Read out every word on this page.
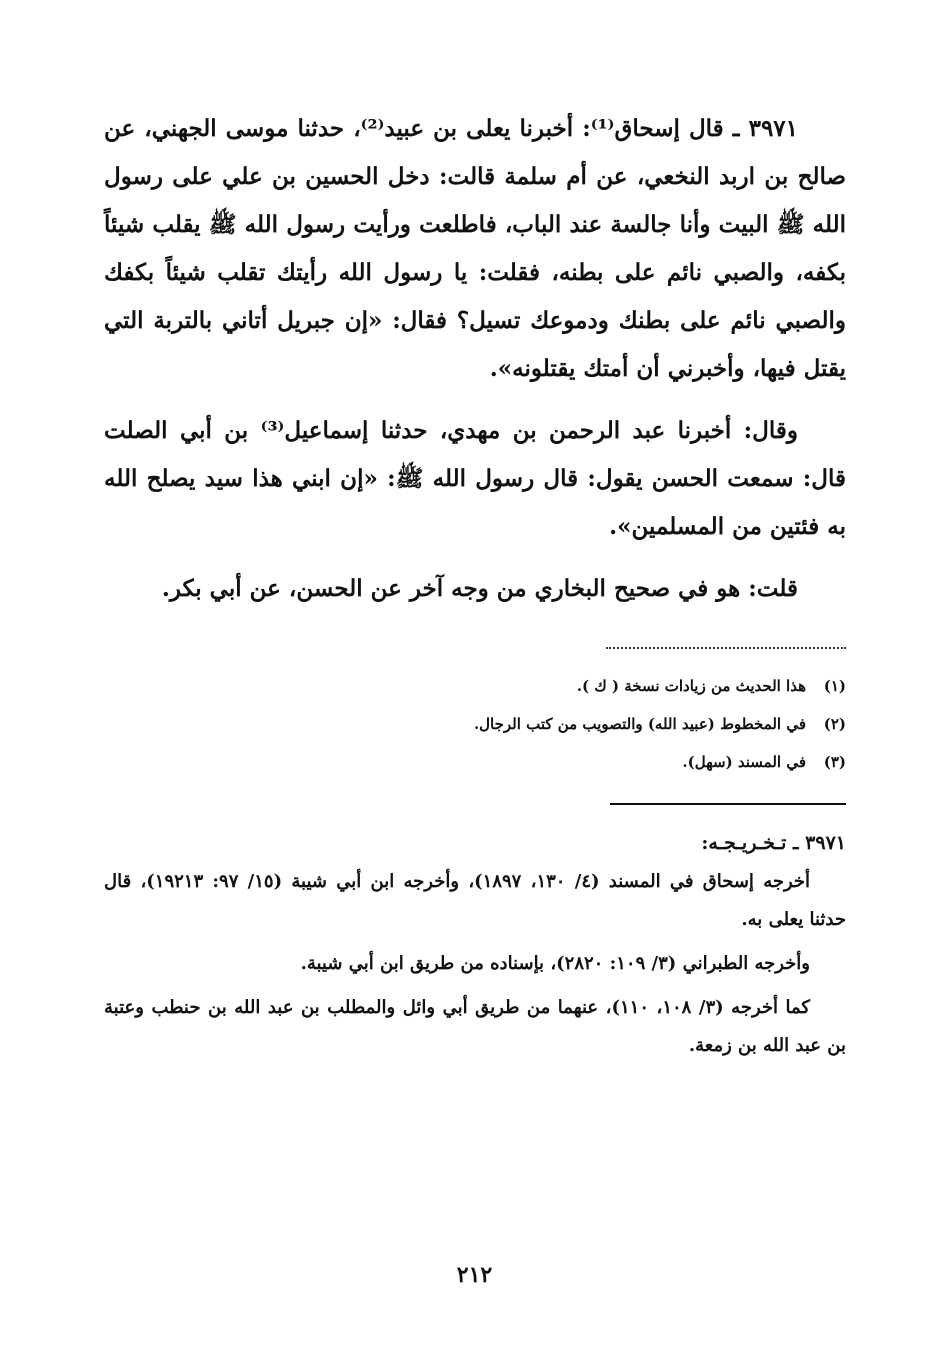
٣٩٧١ ـ قال إسحاق⁽¹⁾: أخبرنا يعلى بن عبيد⁽²⁾، حدثنا موسى الجهني، عن صالح بن اربد النخعي، عن أم سلمة قالت: دخل الحسين بن علي على رسول الله ﷺ البيت وأنا جالسة عند الباب، فاطلعت ورأيت رسول الله ﷺ يقلب شيئاً بكفه، والصبي نائم على بطنه، فقلت: يا رسول الله رأيتك تقلب شيئاً بكفك والصبي نائم على بطنك ودموعك تسيل؟ فقال: «إن جبريل أتاني بالتربة التي يقتل فيها، وأخبرني أن أمتك يقتلونه».

وقال: أخبرنا عبد الرحمن بن مهدي، حدثنا إسماعيل⁽³⁾ بن أبي الصلت قال: سمعت الحسن يقول: قال رسول الله ﷺ: «إن ابني هذا سيد يصلح الله به فئتين من المسلمين».

قلت: هو في صحيح البخاري من وجه آخر عن الحسن، عن أبي بكر.

(١)
هذا الحديث من زيادات نسخة ( ك ).
(٢)
في المخطوط (عبيد الله) والتصويب من كتب الرجال.
(٣)
في المسند (سهل).
٣٩٧١ ـ تـخـريـجـه:

أخرجه إسحاق في المسند (٤/ ١٣٠، ١٨٩٧)، وأخرجه ابن أبي شيبة (١٥/ ٩٧: ١٩٢١٣)، قال حدثنا يعلى به.

وأخرجه الطبراني (٣/ ١٠٩: ٢٨٢٠)، بإسناده من طريق ابن أبي شيبة.

كما أخرجه (٣/ ١٠٨، ١١٠)، عنهما من طريق أبي وائل والمطلب بن عبد الله بن حنطب وعتبة بن عبد الله بن زمعة.

٢١٢
